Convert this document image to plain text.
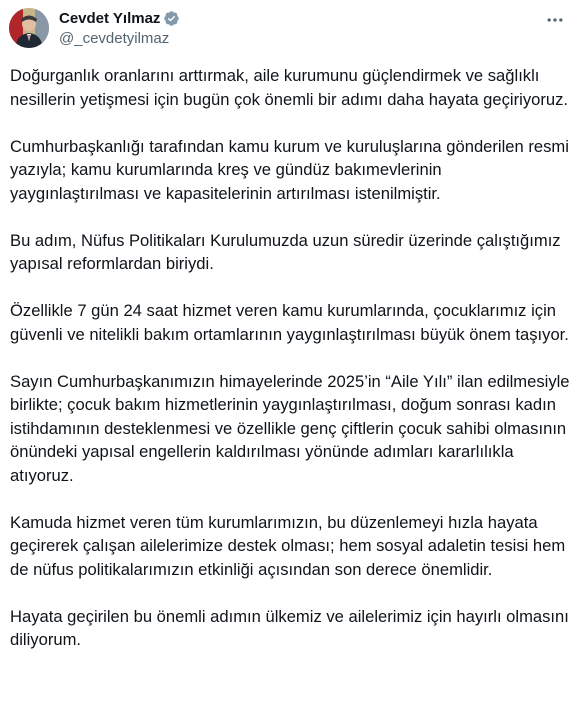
Cevdet Yılmaz
@_cevdetyilmaz

Doğurganlık oranlarını arttırmak, aile kurumunu güçlendirmek ve sağlıklı nesillerin yetişmesi için bugün çok önemli bir adımı daha hayata geçiriyoruz.

Cumhurbaşkanlığı tarafından kamu kurum ve kuruluşlarına gönderilen resmi yazıyla; kamu kurumlarında kreş ve gündüz bakımevlerinin yaygınlaştırılması ve kapasitelerinin artırılması istenilmiştir.

Bu adım, Nüfus Politikaları Kurulumuzda uzun süredir üzerinde çalıştığımız yapısal reformlardan biriydi.

Özellikle 7 gün 24 saat hizmet veren kamu kurumlarında, çocuklarımız için güvenli ve nitelikli bakım ortamlarının yaygınlaştırılması büyük önem taşıyor.

Sayın Cumhurbaşkanımızın himayelerinde 2025’in “Aile Yılı” ilan edilmesiyle birlikte; çocuk bakım hizmetlerinin yaygınlaştırılması, doğum sonrası kadın istihdamının desteklenmesi ve özellikle genç çiftlerin çocuk sahibi olmasının önündeki yapısal engellerin kaldırılması yönünde adımları kararlılıkla atıyoruz.

Kamuda hizmet veren tüm kurumlarımızın, bu düzenlemeyi hızla hayata geçirerek çalışan ailelerimize destek olması; hem sosyal adaletin tesisi hem de nüfus politikalarımızın etkinliği açısından son derece önemlidir.

Hayata geçirilen bu önemli adımın ülkemiz ve ailelerimiz için hayırlı olmasını diliyorum.
